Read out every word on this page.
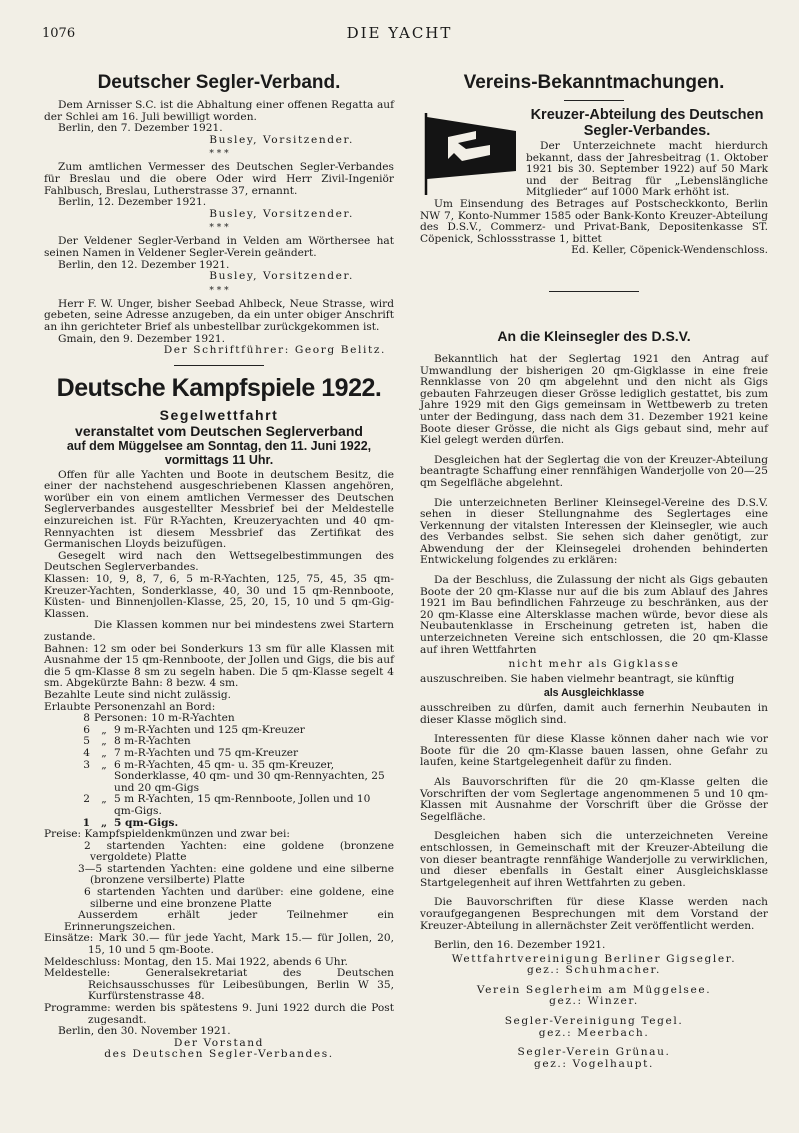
1076	DIE YACHT
Deutscher Segler-Verband.

Dem Arnisser S.C. ist die Abhaltung einer offenen Regatta auf der Schlei am 16. Juli bewilligt worden.

Berlin, den 7. Dezember 1921.

Busley, Vorsitzender.

* * *

Zum amtlichen Vermesser des Deutschen Segler-Verbandes für Breslau und die obere Oder wird Herr Zivil-Ingeniör Fahlbusch, Breslau, Lutherstrasse 37, ernannt.

Berlin, 12. Dezember 1921.

Busley, Vorsitzender.

* * *

Der Veldener Segler-Verband in Velden am Wörthersee hat seinen Namen in Veldener Segler-Verein geändert.

Berlin, den 12. Dezember 1921.

Busley, Vorsitzender.

* * *

Herr F. W. Unger, bisher Seebad Ahlbeck, Neue Strasse, wird gebeten, seine Adresse anzugeben, da ein unter obiger Anschrift an ihn gerichteter Brief als unbestellbar zurückgekommen ist.

Gmain, den 9. Dezember 1921.

Der Schriftführer: Georg Belitz.

Deutsche Kampfspiele 1922.
Segelwettfahrt
veranstaltet vom Deutschen Seglerverband
auf dem Müggelsee am Sonntag, den 11. Juni 1922, vormittags 11 Uhr.

Offen für alle Yachten und Boote in deutschem Besitz, die einer der nachstehend ausgeschriebenen Klassen angehören, worüber ein von einem amtlichen Vermesser des Deutschen Seglerverbandes ausgestellter Messbrief bei der Meldestelle einzureichen ist. Für R-Yachten, Kreuzeryachten und 40 qm-Rennyachten ist diesem Messbrief das Zertifikat des Germanischen Lloyds beizufügen.

Gesegelt wird nach den Wettsegelbestimmungen des Deutschen Seglerverbandes.

Klassen: 10, 9, 8, 7, 6, 5 m-R-Yachten, 125, 75, 45, 35 qm-Kreuzer-Yachten, Sonderklasse, 40, 30 und 15 qm-Rennboote, Küsten- und Binnenjollen-Klasse, 25, 20, 15, 10 und 5 qm-Gig-Klassen.

Die Klassen kommen nur bei mindestens zwei Startern zustande.

Bahnen: 12 sm oder bei Sonderkurs 13 sm für alle Klassen mit Ausnahme der 15 qm-Rennboote, der Jollen und Gigs, die bis auf die 5 qm-Klasse 8 sm zu segeln haben. Die 5 qm-Klasse segelt 4 sm. Abgekürzte Bahn: 8 bezw. 4 sm.

Bezahlte Leute sind nicht zulässig.

Erlaubte Personenzahl an Bord:

8 Personen: 10 m-R-Yachten
6	„ 9 m-R-Yachten und 125 qm-Kreuzer
5	„ 8 m-R-Yachten
4	„ 7 m-R-Yachten und 75 qm-Kreuzer
3	„ 6 m-R-Yachten, 45 qm- u. 35 qm-Kreuzer, Sonderklasse, 40 qm- und 30 qm-Rennyachten, 25 und 20 qm-Gigs
2	„ 5 m R-Yachten, 15 qm-Rennboote, Jollen und 10 qm-Gigs.
1	„ 5 qm-Gigs.

Preise: Kampfspieldenkmünzen und zwar bei:

2 startenden Yachten: eine goldene (bronzene vergoldete) Platte

3—5 startenden Yachten: eine goldene und eine silberne (bronzene versilberte) Platte

6 startenden Yachten und darüber: eine goldene, eine silberne und eine bronzene Platte

Ausserdem erhält jeder Teilnehmer ein Erinnerungszeichen.

Einsätze: Mark 30.— für jede Yacht, Mark 15.— für Jollen, 20, 15, 10 und 5 qm-Boote.

Meldeschluss: Montag, den 15. Mai 1922, abends 6 Uhr.

Meldestelle: Generalsekretariat des Deutschen Reichsausschusses für Leibesübungen, Berlin W 35, Kurfürstenstrasse 48.

Programme: werden bis spätestens 9. Juni 1922 durch die Post zugesandt.

Berlin, den 30. November 1921.

Der Vorstand

des Deutschen Segler-Verbandes.

Vereins-Bekanntmachungen.
Kreuzer-Abteilung des Deutschen Segler-Verbandes.

Der Unterzeichnete macht hierdurch bekannt, dass der Jahresbeitrag (1. Oktober 1921 bis 30. September 1922) auf 50 Mark und der Beitrag für „Lebenslängliche Mitglieder“ auf 1000 Mark erhöht ist.

Um Einsendung des Betrages auf Postscheckkonto, Berlin NW 7, Konto-Nummer 1585 oder Bank-Konto Kreuzer-Abteilung des D.S.V., Commerz- und Privat-Bank, Depositenkasse ST. Cöpenick, Schlossstrasse 1, bittet

Ed. Keller, Cöpenick-Wendenschloss.

An die Kleinsegler des D.S.V.

Bekanntlich hat der Seglertag 1921 den Antrag auf Umwandlung der bisherigen 20 qm-Gigklasse in eine freie Rennklasse von 20 qm abgelehnt und den nicht als Gigs gebauten Fahrzeugen dieser Grösse lediglich gestattet, bis zum Jahre 1929 mit den Gigs gemeinsam in Wettbewerb zu treten unter der Bedingung, dass nach dem 31. Dezember 1921 keine Boote dieser Grösse, die nicht als Gigs gebaut sind, mehr auf Kiel gelegt werden dürfen.

Desgleichen hat der Seglertag die von der Kreuzer-Abteilung beantragte Schaffung einer rennfähigen Wanderjolle von 20—25 qm Segelfläche abgelehnt.

Die unterzeichneten Berliner Kleinsegel-Vereine des D.S.V. sehen in dieser Stellungnahme des Seglertages eine Verkennung der vitalsten Interessen der Kleinsegler, wie auch des Verbandes selbst. Sie sehen sich daher genötigt, zur Abwendung der der Kleinsegelei drohenden behinderten Entwickelung folgendes zu erklären:

Da der Beschluss, die Zulassung der nicht als Gigs gebauten Boote der 20 qm-Klasse nur auf die bis zum Ablauf des Jahres 1921 im Bau befindlichen Fahrzeuge zu beschränken, aus der 20 qm-Klasse eine Altersklasse machen würde, bevor diese als Neubautenklasse in Erscheinung getreten ist, haben die unterzeichneten Vereine sich entschlossen, die 20 qm-Klasse auf ihren Wettfahrten

nicht mehr als Gigklasse

auszuschreiben. Sie haben vielmehr beantragt, sie künftig

als Ausgleichklasse

ausschreiben zu dürfen, damit auch fernerhin Neubauten in dieser Klasse möglich sind.

Interessenten für diese Klasse können daher nach wie vor Boote für die 20 qm-Klasse bauen lassen, ohne Gefahr zu laufen, keine Startgelegenheit dafür zu finden.

Als Bauvorschriften für die 20 qm-Klasse gelten die Vorschriften der vom Seglertage angenommenen 5 und 10 qm-Klassen mit Ausnahme der Vorschrift über die Grösse der Segelfläche.

Desgleichen haben sich die unterzeichneten Vereine entschlossen, in Gemeinschaft mit der Kreuzer-Abteilung die von dieser beantragte rennfähige Wanderjolle zu verwirklichen, und dieser ebenfalls in Gestalt einer Ausgleichsklasse Startgelegenheit auf ihren Wettfahrten zu geben.

Die Bauvorschriften für diese Klasse werden nach voraufgegangenen Besprechungen mit dem Vorstand der Kreuzer-Abteilung in allernächster Zeit veröffentlicht werden.

Berlin, den 16. Dezember 1921.

Wettfahrtvereinigung Berliner Gigsegler.

gez.: Schuhmacher.

Verein Seglerheim am Müggelsee.

gez.: Winzer.

Segler-Vereinigung Tegel.

gez.: Meerbach.

Segler-Verein Grünau.

gez.: Vogelhaupt.
